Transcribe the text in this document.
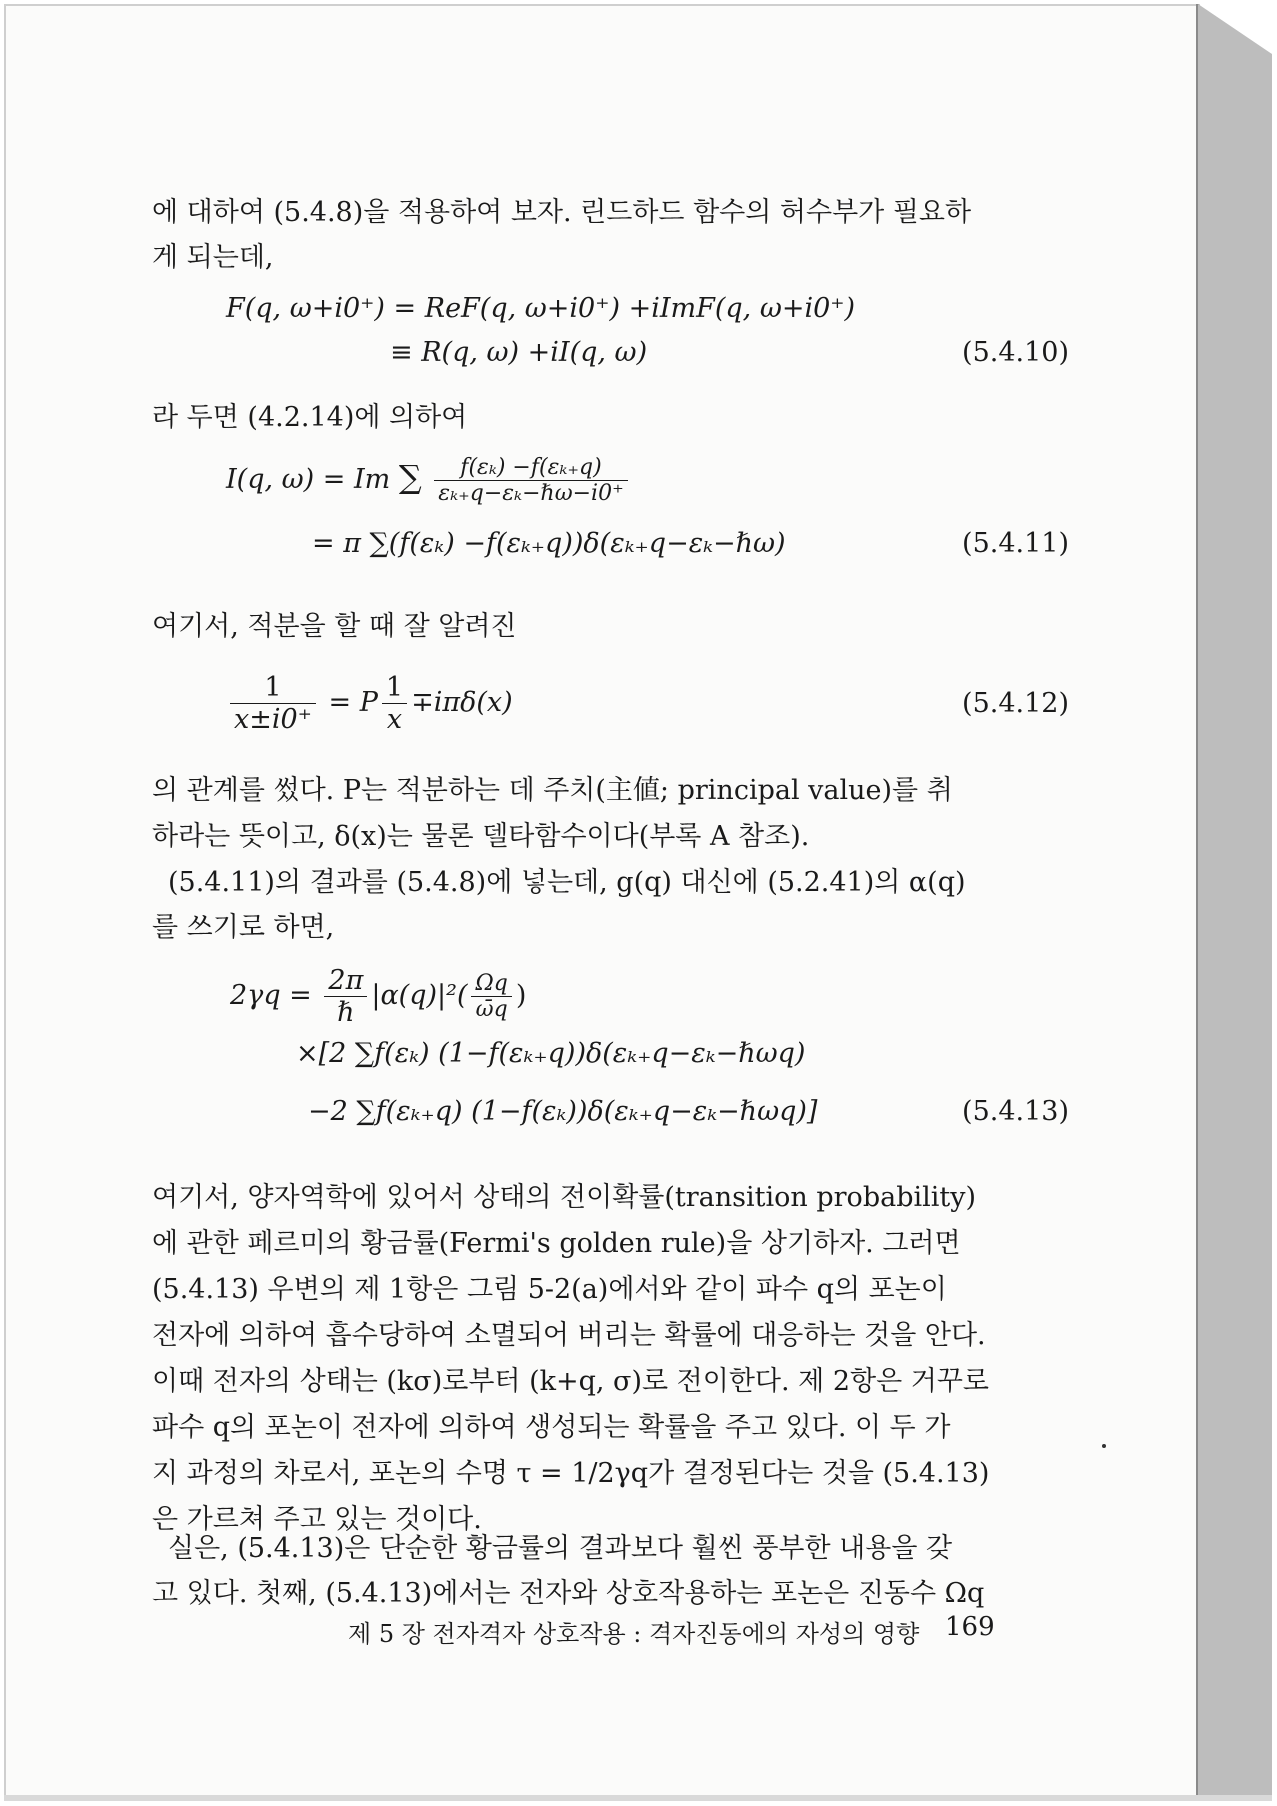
에 대하여 (5.4.8)을 적용하여 보자. 린드하드 함수의 허수부가 필요하
게 되는데,
F(q, ω+i0⁺) = ReF(q, ω+i0⁺) +iImF(q, ω+i0⁺)
≡ R(q, ω) +iI(q, ω)	(5.4.10)
라 두면 (4.2.14)에 의하여
I(q, ω) = Im ∑ $\frac{\text{f(εₖ) −f(εₖ₊q)}}{\text{εₖ₊q−εₖ−ℏω−i0⁺}}$
= π ∑(f(εₖ) −f(εₖ₊q))δ(εₖ₊q−εₖ−ℏω)	(5.4.11)
여기서, 적분을 할 때 잘 알려진
$\frac{1}{x\pm i0^+} = P \frac{1}{x} \mp i\pi\delta(x)$	(5.4.12)
의 관계를 썼다. P는 적분하는 데 주치(主値; principal value)를 취
하라는 뜻이고, δ(x)는 물론 델타함수이다(부록 A 참조).
(5.4.11)의 결과를 (5.4.8)에 넣는데, g(q) 대신에 (5.2.41)의 α(q)
를 쓰기로 하면,
$2\gamma q = \frac{2\pi}{\text{ℏ}} |\alpha(q)|^2( \frac{\Omega q}{\omegāq}$ )
×[2 ∑f(εₖ) (1−f(εₖ₊q))δ(εₖ₊q−εₖ−ℏωq)
−2 ∑f(εₖ₊q) (1−f(εₖ))δ(εₖ₊q−εₖ−ℏωq)]	(5.4.13)
여기서, 양자역학에 있어서 상태의 전이확률(transition probability)
에 관한 페르미의 황금률(Fermi's golden rule)을 상기하자. 그러면
(5.4.13) 우변의 제 1항은 그림 5-2(a)에서와 같이 파수 q의 포논이
전자에 의하여 흡수당하여 소멸되어 버리는 확률에 대응하는 것을 안다.
이때 전자의 상태는 (kσ)로부터 (k+q, σ)로 전이한다. 제 2항은 거꾸로
파수 q의 포논이 전자에 의하여 생성되는 확률을 주고 있다. 이 두 가
지 과정의 차로서, 포논의 수명 τ = 1/2γq가 결정된다는 것을 (5.4.13)
은 가르쳐 주고 있는 것이다.
실은, (5.4.13)은 단순한 황금률의 결과보다 훨씬 풍부한 내용을 갖
고 있다. 첫째, (5.4.13)에서는 전자와 상호작용하는 포논은 진동수 Ωq
제 5 장 전자격자 상호작용 : 격자진동에의 자성의 영향 169
